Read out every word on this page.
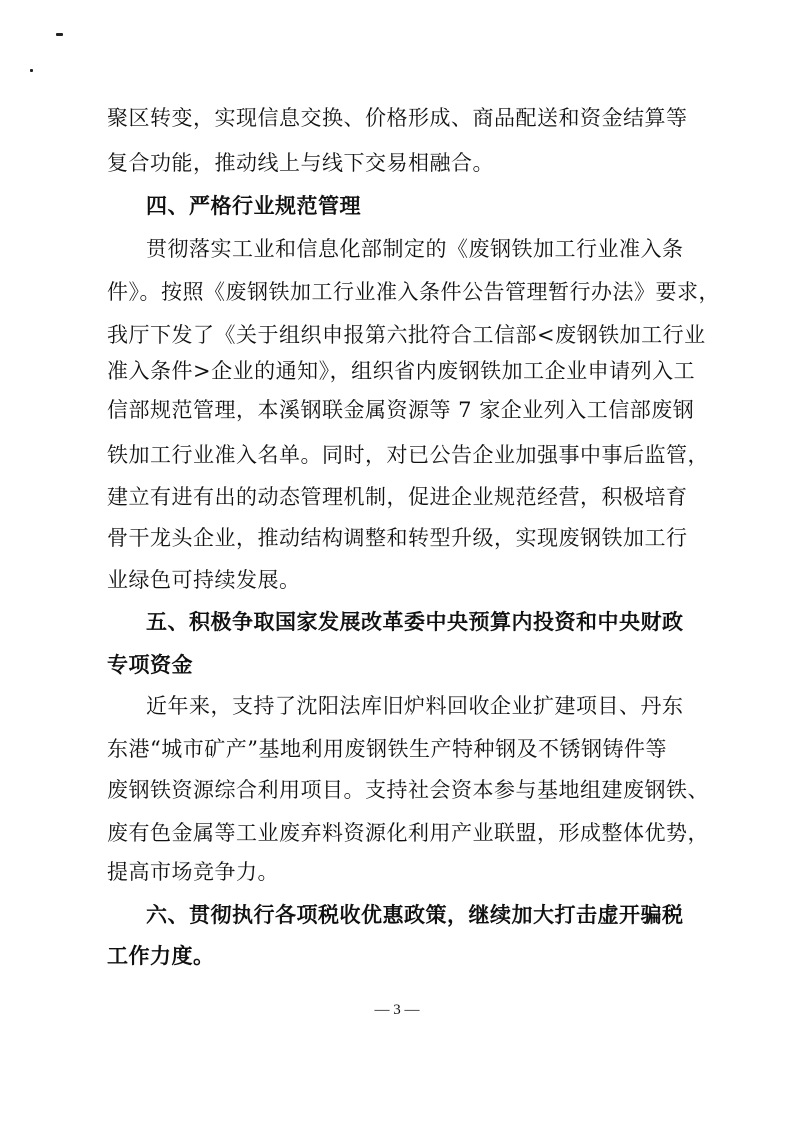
聚区转变，实现信息交换、价格形成、商品配送和资金结算等
复合功能，推动线上与线下交易相融合。
四、严格行业规范管理
贯彻落实工业和信息化部制定的《废钢铁加工行业准入条
件》。按照《废钢铁加工行业准入条件公告管理暂行办法》要求，
我厅下发了《关于组织申报第六批符合工信部<废钢铁加工行业
准入条件>企业的通知》，组织省内废钢铁加工企业申请列入工
信部规范管理，本溪钢联金属资源等 7 家企业列入工信部废钢
铁加工行业准入名单。同时，对已公告企业加强事中事后监管，
建立有进有出的动态管理机制，促进企业规范经营，积极培育
骨干龙头企业，推动结构调整和转型升级，实现废钢铁加工行
业绿色可持续发展。
五、积极争取国家发展改革委中央预算内投资和中央财政
专项资金
近年来，支持了沈阳法库旧炉料回收企业扩建项目、丹东
东港“城市矿产”基地利用废钢铁生产特种钢及不锈钢铸件等
废钢铁资源综合利用项目。支持社会资本参与基地组建废钢铁、
废有色金属等工业废弃料资源化利用产业联盟，形成整体优势，
提高市场竞争力。
六、贯彻执行各项税收优惠政策，继续加大打击虚开骗税
工作力度。
— 3 —
